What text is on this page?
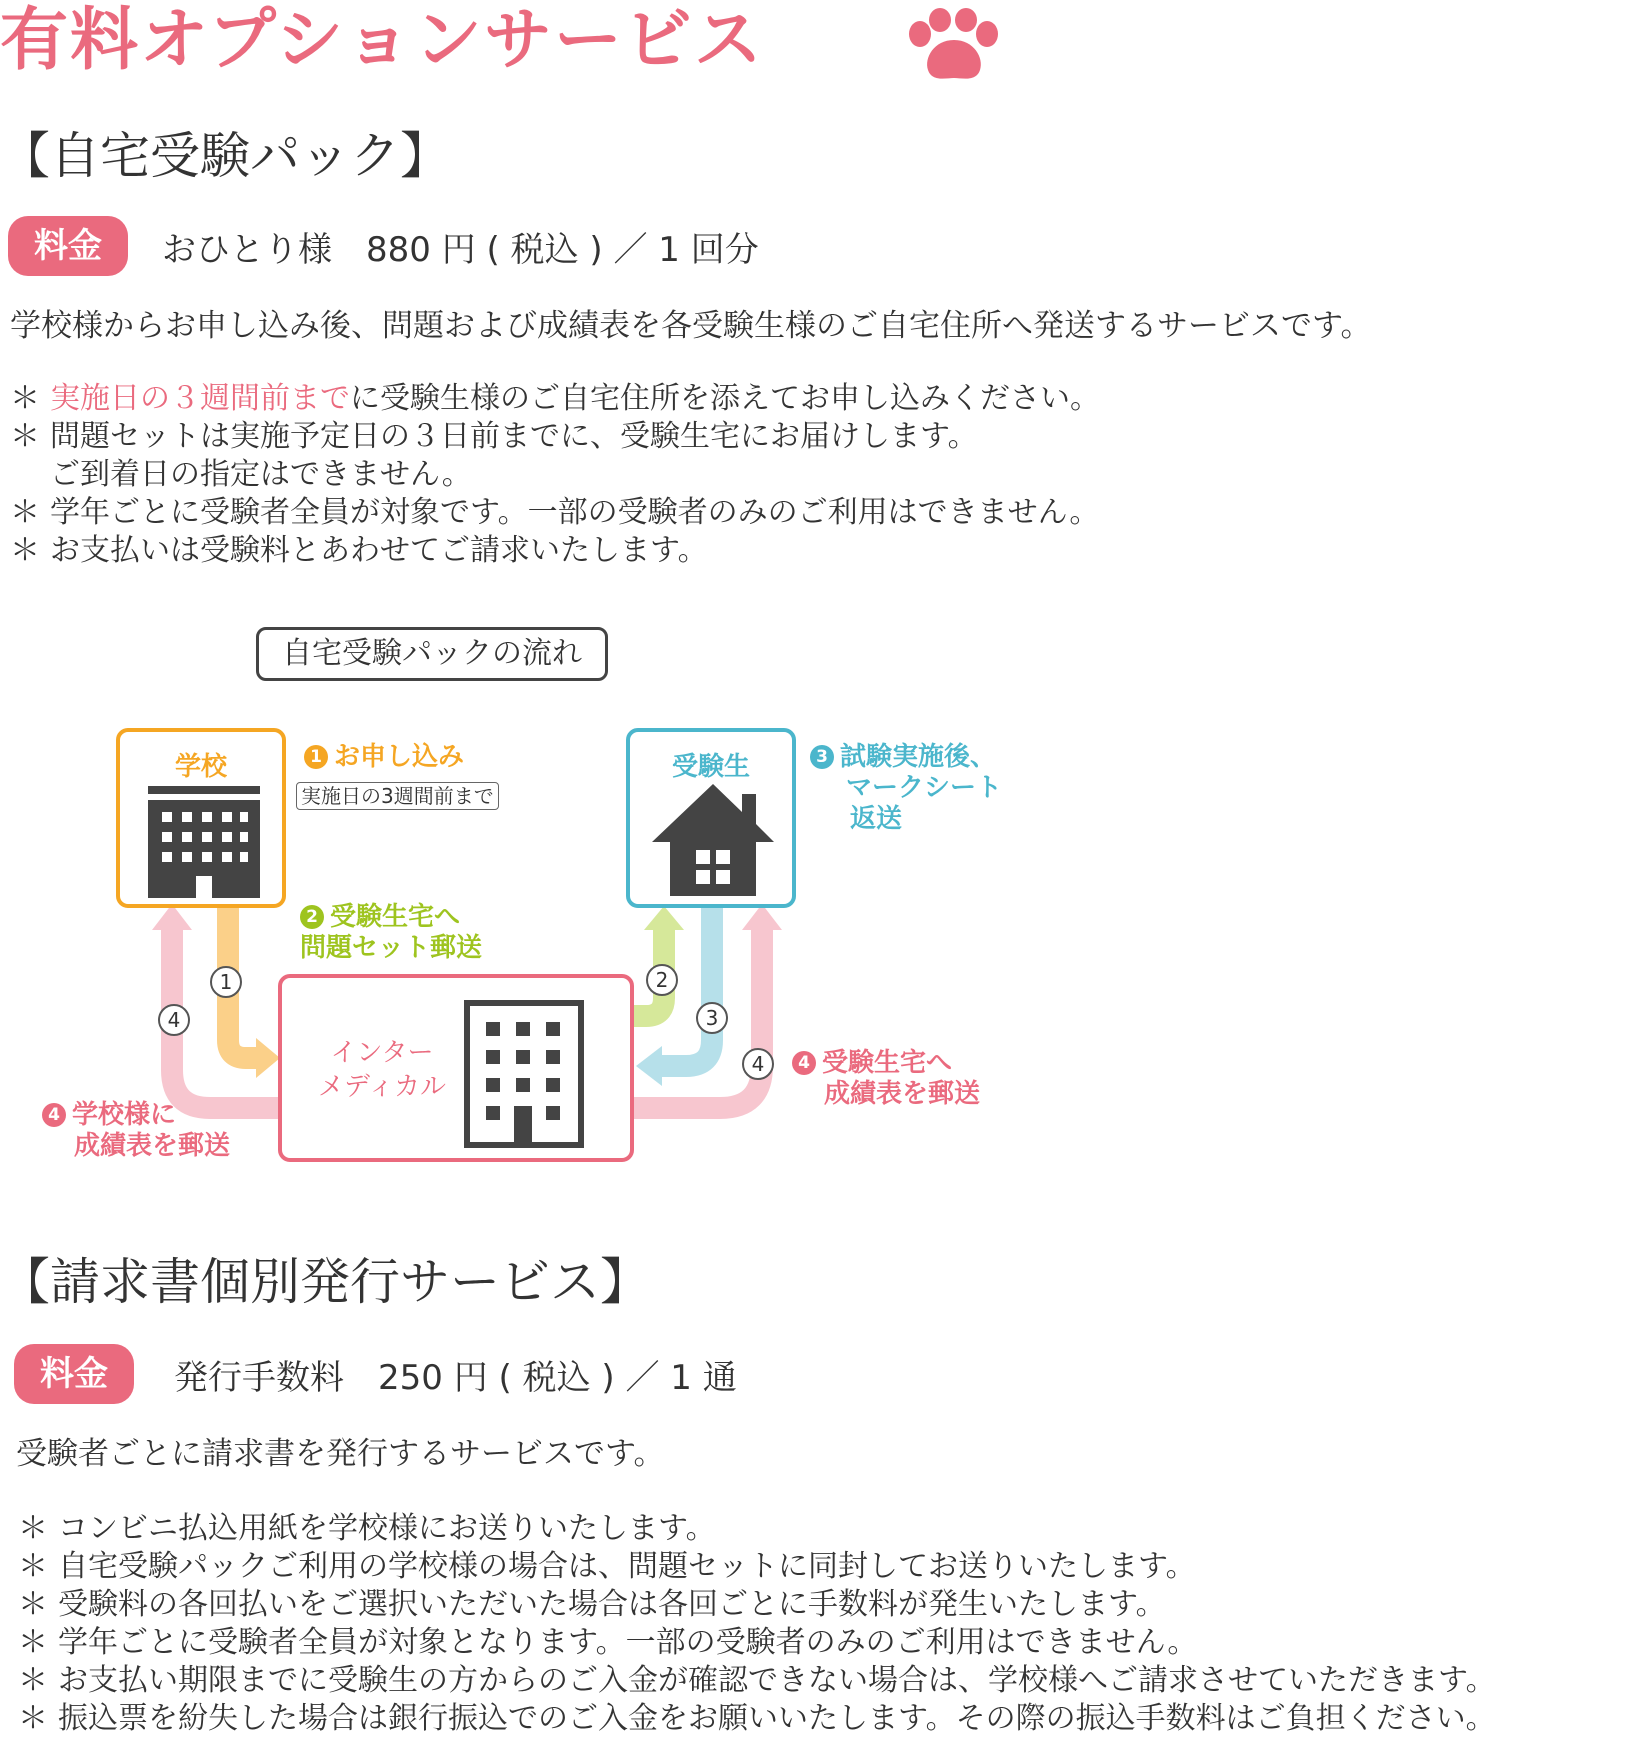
有料オプションサービス
【自宅受験パック】
料金	おひとり様　880 円 ( 税込 ) ／ 1 回分
学校様からお申し込み後、問題および成績表を各受験生様のご自宅住所へ発送するサービスです。
＊ 実施日の３週間前まで に受験生様のご自宅住所を添えてお申し込みください。
＊ 問題セットは実施予定日の３日前までに、受験生宅にお届けします。
ご到着日の指定はできません。
＊ 学年ごとに受験者全員が対象です。一部の受験者のみのご利用はできません。
＊ お支払いは受験料とあわせてご請求いたします。
自宅受験パックの流れ
学校	受験生
インター
メディカル
1
4
2
3
4
1 お申し込み
実施日の3週間前まで
2 受験生宅へ
問題セット郵送
3 試験実施後、
マークシート
返送
4 受験生宅へ
成績表を郵送
4 学校様に
成績表を郵送
【請求書個別発行サービス】
料金	発行手数料　250 円 ( 税込 ) ／ 1 通
受験者ごとに請求書を発行するサービスです。
＊ コンビニ払込用紙を学校様にお送りいたします。
＊ 自宅受験パックご利用の学校様の場合は、問題セットに同封してお送りいたします。
＊ 受験料の各回払いをご選択いただいた場合は各回ごとに手数料が発生いたします。
＊ 学年ごとに受験者全員が対象となります。一部の受験者のみのご利用はできません。
＊ お支払い期限までに受験生の方からのご入金が確認できない場合は、学校様へご請求させていただきます。
＊ 振込票を紛失した場合は銀行振込でのご入金をお願いいたします。その際の振込手数料はご負担ください。
